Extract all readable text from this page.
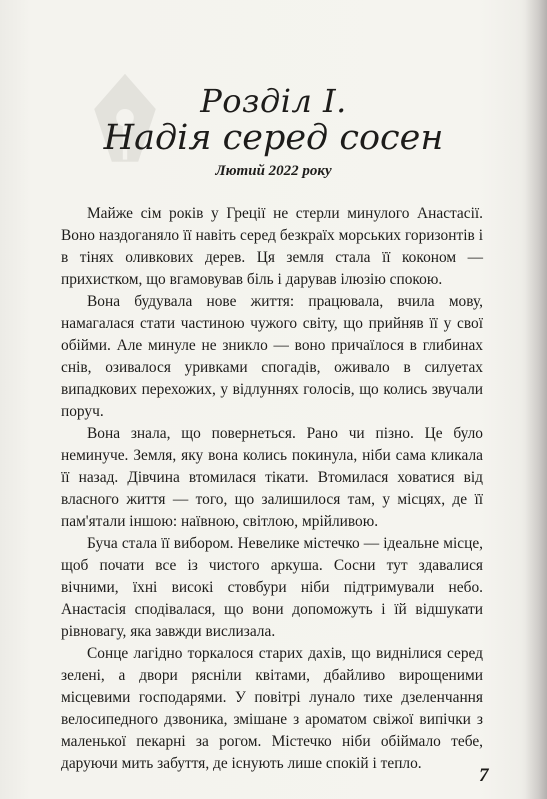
Розділ І.
Надія серед сосен
Лютий 2022 року

Майже сім років у Греції не стерли минулого Анастасії. Воно наздоганяло її навіть серед безкраїх морських горизонтів і в тінях оливкових дерев. Ця земля стала її коконом — прихистком, що вгамовував біль і дарував ілюзію спокою.

Вона будувала нове життя: працювала, вчила мову, намагалася стати частиною чужого світу, що прийняв її у свої обійми. Але минуле не зникло — воно причаїлося в глибинах снів, озивалося уривками спогадів, оживало в силуетах випадкових перехожих, у відлуннях голосів, що колись звучали поруч.

Вона знала, що повернеться. Рано чи пізно. Це було неминуче. Земля, яку вона колись покинула, ніби сама кликала її назад. Дівчина втомилася тікати. Втомилася ховатися від власного життя — того, що залишилося там, у місцях, де її пам'ятали іншою: наївною, світлою, мрійливою.

Буча стала її вибором. Невелике містечко — ідеальне місце, щоб почати все із чистого аркуша. Сосни тут здавалися вічними, їхні високі стовбури ніби підтримували небо. Анастасія сподівалася, що вони допоможуть і їй відшукати рівновагу, яка завжди вислизала.

Сонце лагідно торкалося старих дахів, що виднілися серед зелені, а двори рясніли квітами, дбайливо вирощеними місцевими господарями. У повітрі лунало тихе дзеленчання велосипедного дзвоника, змішане з ароматом свіжої випічки з маленької пекарні за рогом. Містечко ніби обіймало тебе, даруючи мить забуття, де існують лише спокій і тепло.

7
